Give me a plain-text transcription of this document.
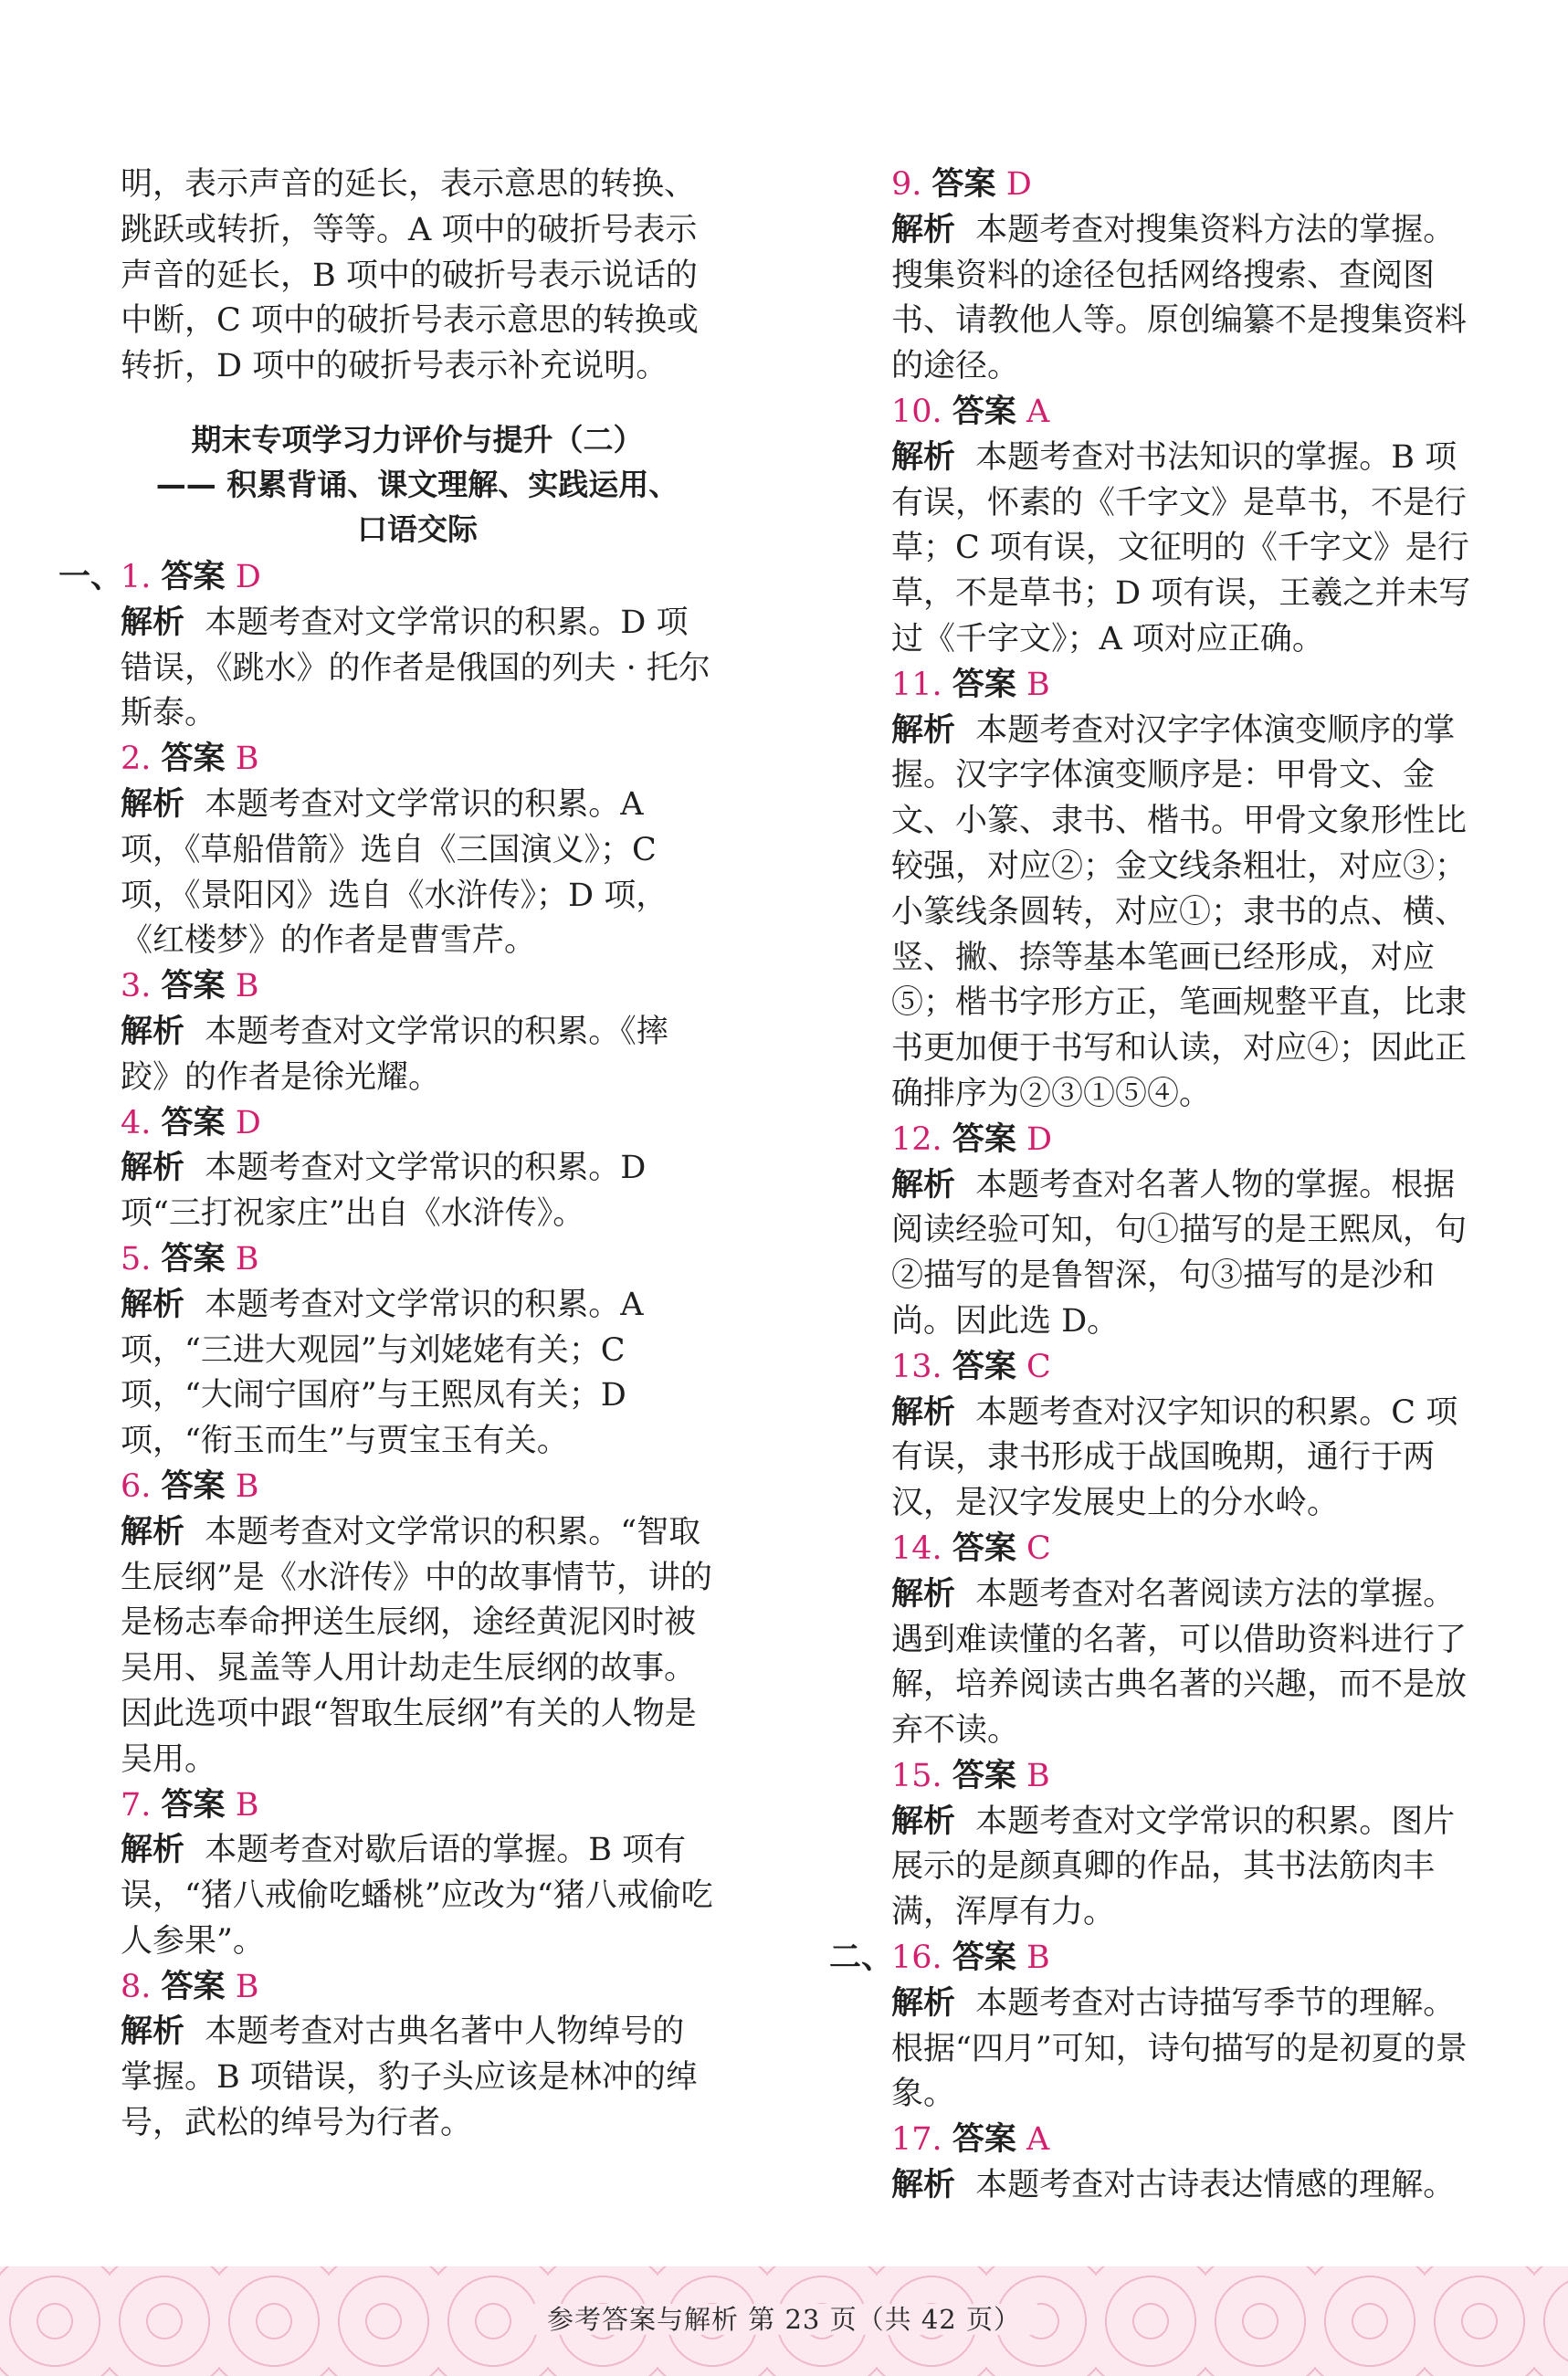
明，表示声音的延长，表示意思的转换、跳跃或转折，等等。A 项中的破折号表示声音的延长，B 项中的破折号表示说话的中断，C 项中的破折号表示意思的转换或转折，D 项中的破折号表示补充说明。

期末专项学习力评价与提升（二）
—— 积累背诵、课文理解、实践运用、
口语交际

一、
1. 答案 D

解析 本题考查对文学常识的积累。D 项错误，《跳水》的作者是俄国的列夫 · 托尔斯泰。

2. 答案 B

解析 本题考查对文学常识的积累。A 项，《草船借箭》选自《三国演义》；C 项，《景阳冈》选自《水浒传》；D 项，《红楼梦》的作者是曹雪芹。

3. 答案 B

解析 本题考查对文学常识的积累。《摔跤》的作者是徐光耀。

4. 答案 D

解析 本题考查对文学常识的积累。D 项“三打祝家庄”出自《水浒传》。

5. 答案 B

解析 本题考查对文学常识的积累。A 项，“三进大观园”与刘姥姥有关；C 项，“大闹宁国府”与王熙凤有关；D 项，“衔玉而生”与贾宝玉有关。

6. 答案 B

解析 本题考查对文学常识的积累。“智取生辰纲”是《水浒传》中的故事情节，讲的是杨志奉命押送生辰纲，途经黄泥冈时被吴用、晁盖等人用计劫走生辰纲的故事。因此选项中跟“智取生辰纲”有关的人物是吴用。

7. 答案 B

解析 本题考查对歇后语的掌握。B 项有误，“猪八戒偷吃蟠桃”应改为“猪八戒偷吃人参果”。

8. 答案 B

解析 本题考查对古典名著中人物绰号的掌握。B 项错误，豹子头应该是林冲的绰号，武松的绰号为行者。

9. 答案 D

解析 本题考查对搜集资料方法的掌握。搜集资料的途径包括网络搜索、查阅图书、请教他人等。原创编纂不是搜集资料的途径。

10. 答案 A

解析 本题考查对书法知识的掌握。B 项有误，怀素的《千字文》是草书，不是行草；C 项有误，文征明的《千字文》是行草，不是草书；D 项有误，王羲之并未写过《千字文》；A 项对应正确。

11. 答案 B

解析 本题考查对汉字字体演变顺序的掌握。汉字字体演变顺序是：甲骨文、金文、小篆、隶书、楷书。甲骨文象形性比较强，对应②；金文线条粗壮，对应③；小篆线条圆转，对应①；隶书的点、横、竖、撇、捺等基本笔画已经形成，对应⑤；楷书字形方正，笔画规整平直，比隶书更加便于书写和认读，对应④；因此正确排序为②③①⑤④。

12. 答案 D

解析 本题考查对名著人物的掌握。根据阅读经验可知，句①描写的是王熙凤，句②描写的是鲁智深，句③描写的是沙和尚。因此选 D。

13. 答案 C

解析 本题考查对汉字知识的积累。C 项有误，隶书形成于战国晚期，通行于两汉，是汉字发展史上的分水岭。

14. 答案 C

解析 本题考查对名著阅读方法的掌握。遇到难读懂的名著，可以借助资料进行了解，培养阅读古典名著的兴趣，而不是放弃不读。

15. 答案 B

解析 本题考查对文学常识的积累。图片展示的是颜真卿的作品，其书法筋肉丰满，浑厚有力。

二、
16. 答案 B

解析 本题考查对古诗描写季节的理解。根据“四月”可知，诗句描写的是初夏的景象。

17. 答案 A

解析 本题考查对古诗表达情感的理解。

参考答案与解析 第 23 页（共 42 页）
